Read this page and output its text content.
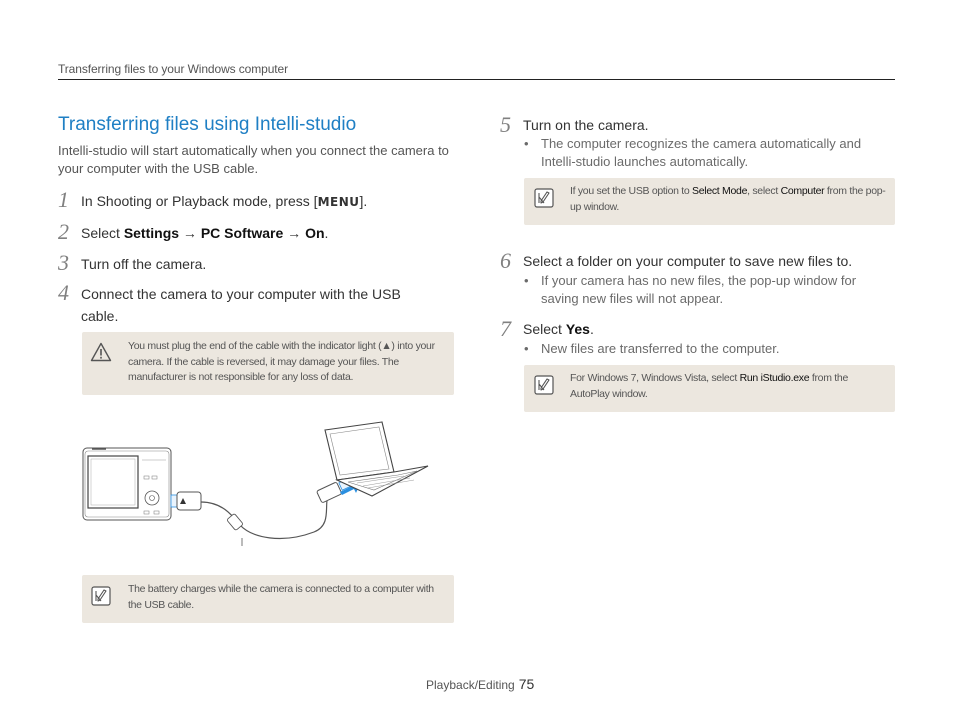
Transferring files to your Windows computer
Transferring files using Intelli-studio
Intelli-studio will start automatically when you connect the camera to your computer with the USB cable.
1 In Shooting or Playback mode, press [MENU].
2 Select Settings → PC Software → On.
3 Turn off the camera.
4 Connect the camera to your computer with the USB cable.
You must plug the end of the cable with the indicator light (▲) into your camera. If the cable is reversed, it may damage your files. The manufacturer is not responsible for any loss of data.
The battery charges while the camera is connected to a computer with the USB cable.
5 Turn on the camera.
• The computer recognizes the camera automatically and Intelli-studio launches automatically.
If you set the USB option to Select Mode, select Computer from the pop-up window.
6 Select a folder on your computer to save new files to.
• If your camera has no new files, the pop-up window for saving new files will not appear.
7 Select Yes.
• New files are transferred to the computer.
For Windows 7, Windows Vista, select Run iStudio.exe from the AutoPlay window.
Playback/Editing 75
